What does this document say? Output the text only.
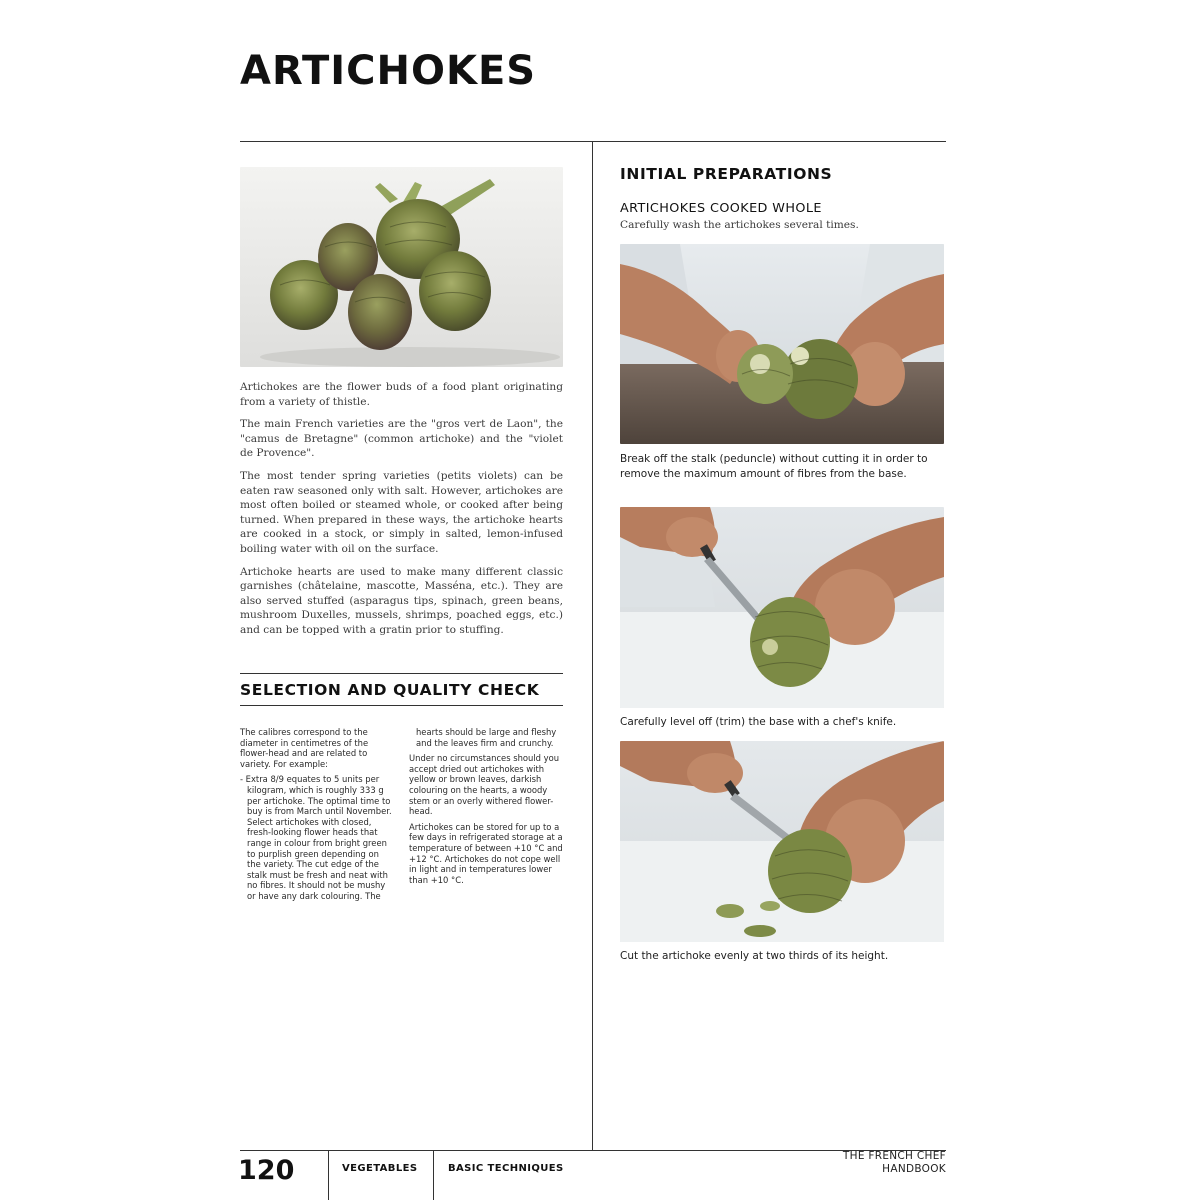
ARTICHOKES

Artichokes are the flower buds of a food plant originating from a variety of thistle.

The main French varieties are the "gros vert de Laon", the "camus de Bretagne" (common artichoke) and the "violet de Provence".

The most tender spring varieties (petits violets) can be eaten raw seasoned only with salt. However, artichokes are most often boiled or steamed whole, or cooked after being turned. When prepared in these ways, the artichoke hearts are cooked in a stock, or simply in salted, lemon-infused boiling water with oil on the surface.

Artichoke hearts are used to make many different classic garnishes (châtelaine, mascotte, Masséna, etc.). They are also served stuffed (asparagus tips, spinach, green beans, mushroom Duxelles, mussels, shrimps, poached eggs, etc.) and can be topped with a gratin prior to stuffing.

SELECTION AND QUALITY CHECK

The calibres correspond to the diameter in centimetres of the flower-head and are related to variety. For example:

- Extra 8/9 equates to 5 units per kilogram, which is roughly 333 g per artichoke. The optimal time to buy is from March until November. Select artichokes with closed, fresh-looking flower heads that range in colour from bright green to purplish green depending on the variety. The cut edge of the stalk must be fresh and neat with no fibres. It should not be mushy or have any dark colouring. The

hearts should be large and fleshy and the leaves firm and crunchy.

Under no circumstances should you accept dried out artichokes with yellow or brown leaves, darkish colouring on the hearts, a woody stem or an overly withered flower-head.

Artichokes can be stored for up to a few days in refrigerated storage at a temperature of between +10 °C and +12 °C. Artichokes do not cope well in light and in temperatures lower than +10 °C.

INITIAL PREPARATIONS
ARTICHOKES COOKED WHOLE
Carefully wash the artichokes several times.
Break off the stalk (peduncle) without cutting it in order to remove the maximum amount of fibres from the base.
Carefully level off (trim) the base with a chef's knife.
Cut the artichoke evenly at two thirds of its height.
120	VEGETABLES	BASIC TECHNIQUES
THE FRENCH CHEF
HANDBOOK
